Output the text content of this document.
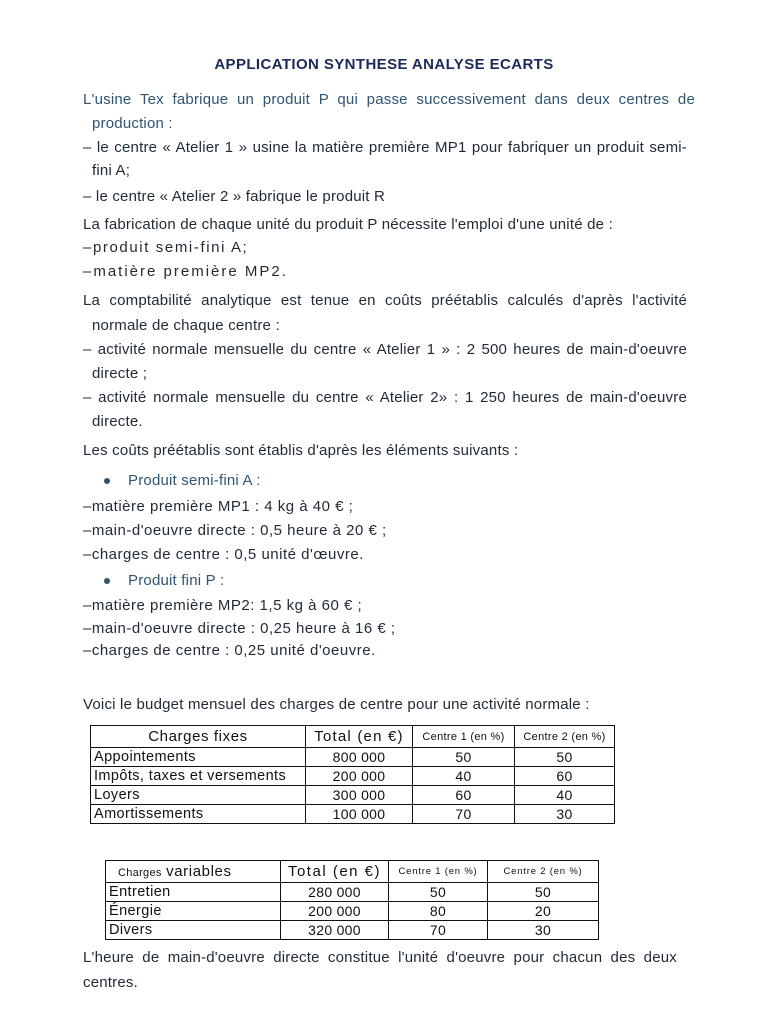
APPLICATION SYNTHESE ANALYSE ECARTS
L'usine Tex fabrique un produit P qui passe successivement dans deux centres de
production :
– le centre « Atelier 1 » usine la matière première MP1 pour fabriquer un produit semi-
fini A;
– le centre « Atelier 2 » fabrique le produit R
La fabrication de chaque unité du produit P nécessite l'emploi d'une unité de :
–produit semi-fini A;
–matière première MP2.
La comptabilité analytique est tenue en coûts préétablis calculés d'après l'activité
normale de chaque centre :
– activité normale mensuelle du centre « Atelier 1 » : 2 500 heures de main-d'oeuvre
directe ;
– activité normale mensuelle du centre « Atelier 2» : 1 250 heures de main-d'oeuvre
directe.
Les coûts préétablis sont établis d'après les éléments suivants :
Produit semi-fini A :
–matière première MP1 : 4 kg à 40 € ;
–main-d'oeuvre directe : 0,5 heure à 20 € ;
–charges de centre : 0,5 unité d'œuvre.
Produit fini P :
–matière première MP2: 1,5 kg à 60 € ;
–main-d'oeuvre directe : 0,25 heure à 16 € ;
–charges de centre : 0,25 unité d'oeuvre.
Voici le budget mensuel des charges de centre pour une activité normale :
Charges fixes	Total (en €)	Centre 1 (en %)	Centre 2 (en %)
Appointements	800 000	50	50
Impôts, taxes et versements	200 000	40	60
Loyers	300 000	60	40
Amortissements	100 000	70	30
Charges variables	Total (en €)	Centre 1 (en %)	Centre 2 (en %)
Entretien	280 000	50	50
Énergie	200 000	80	20
Divers	320 000	70	30
L'heure de main-d'oeuvre directe constitue l'unité d'oeuvre pour chacun des deux
centres.
